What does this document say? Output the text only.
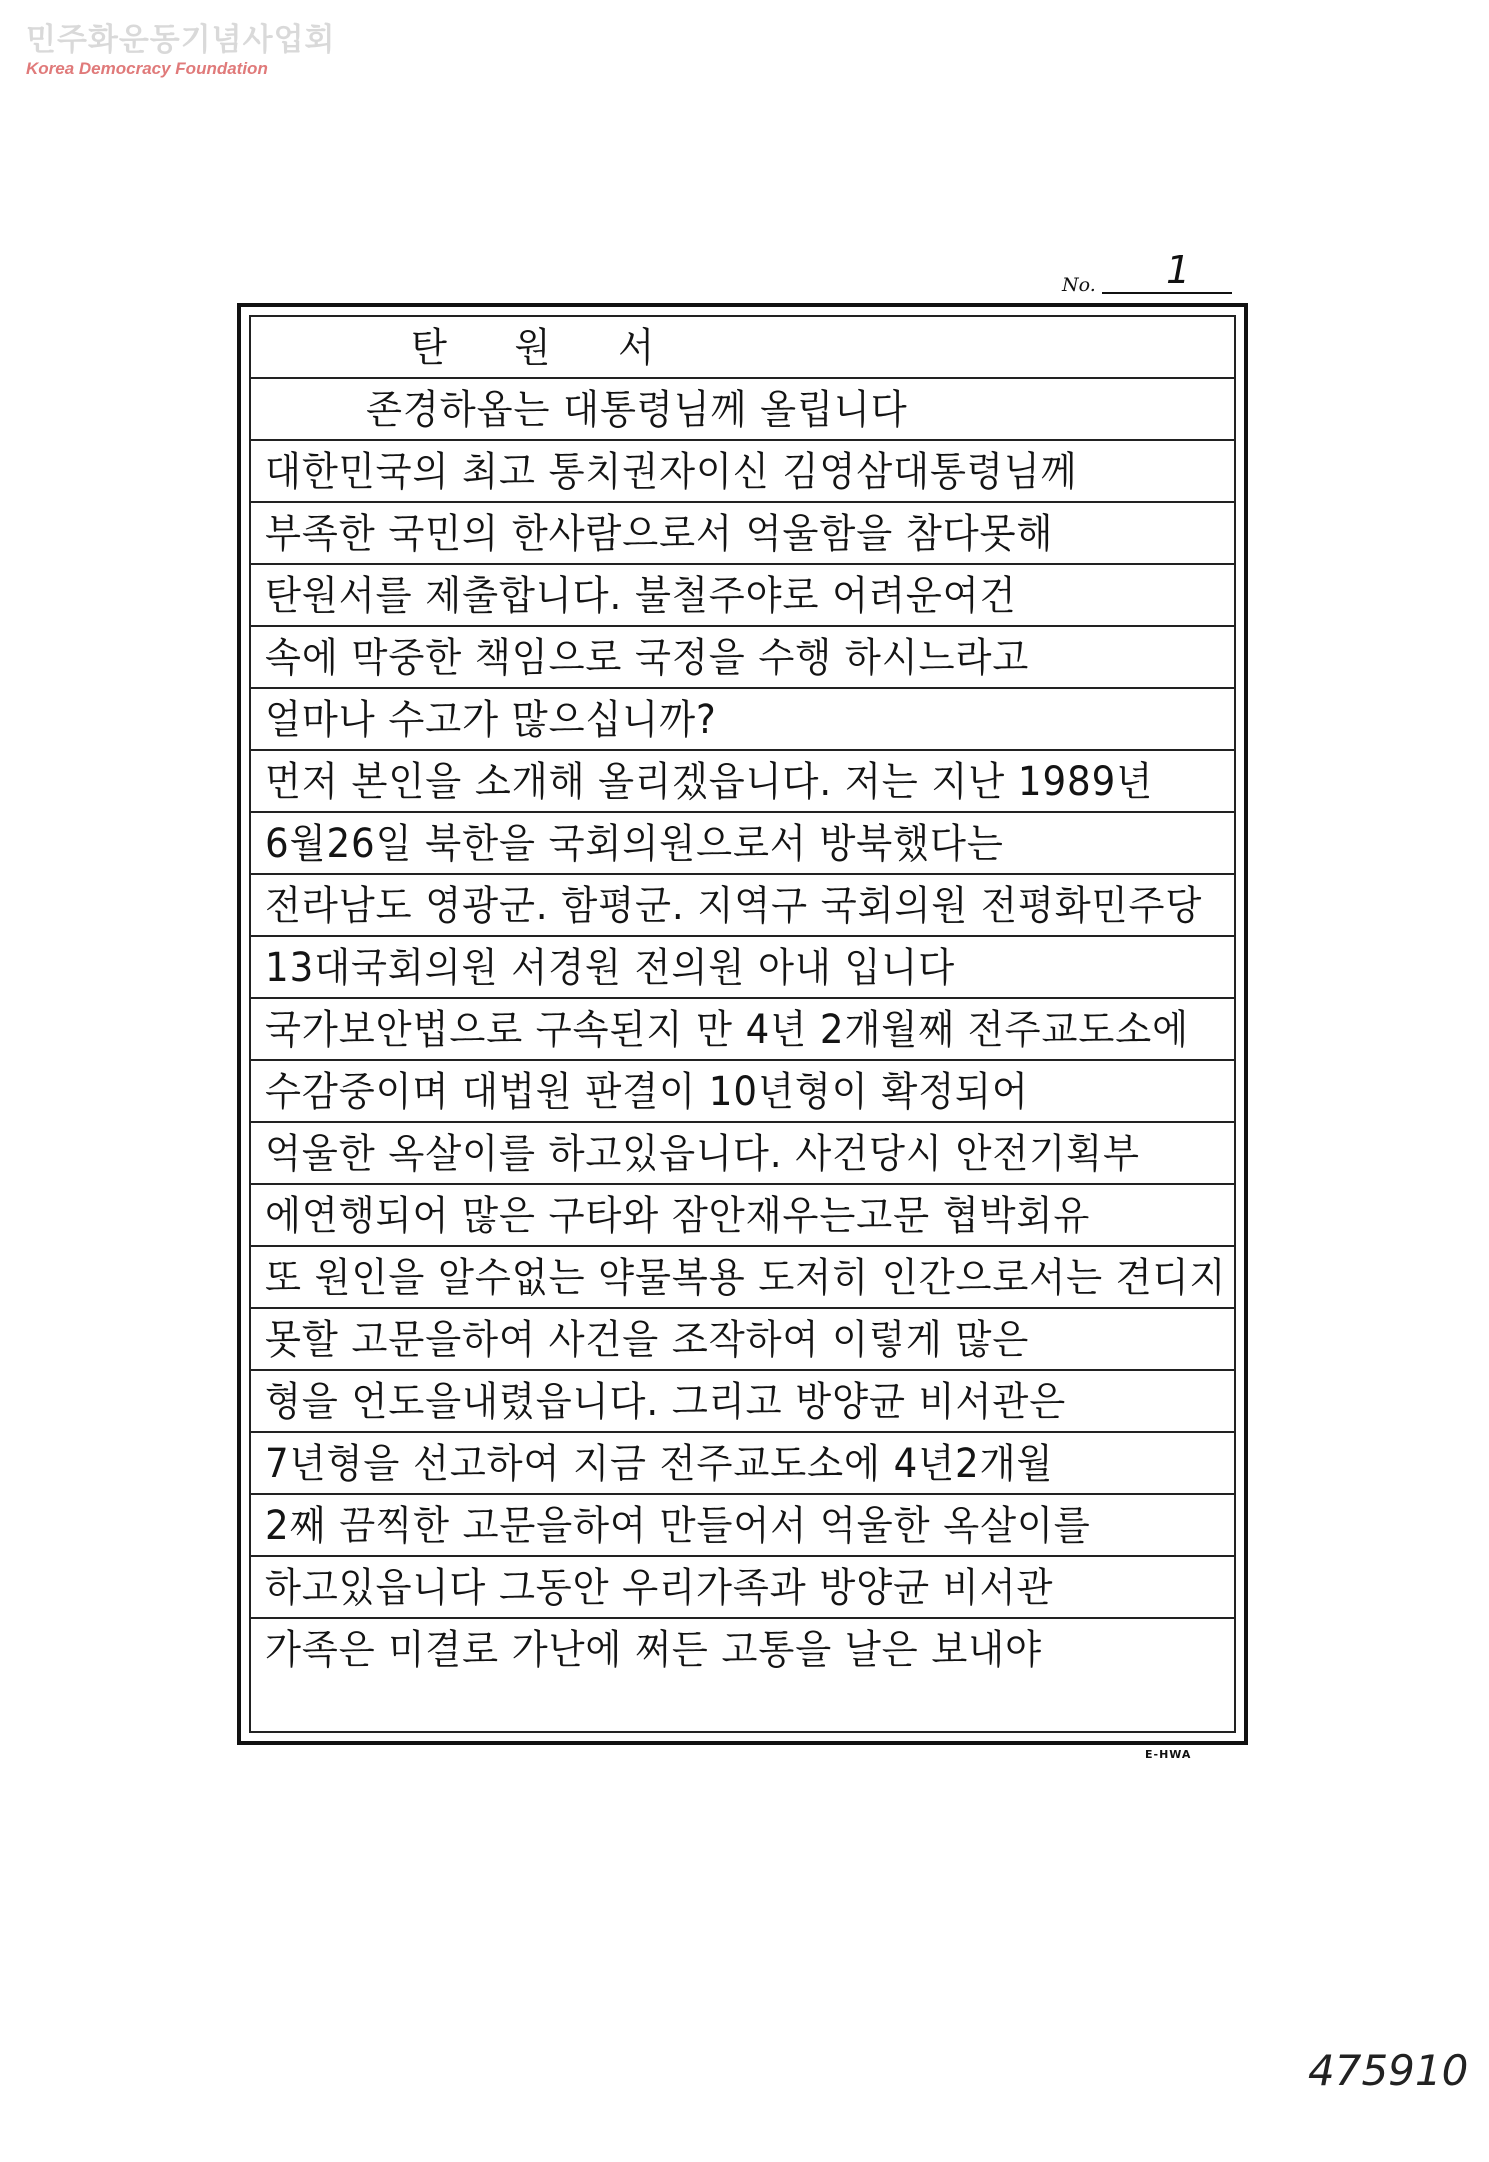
민주화운동기념사업회
Korea Democracy Foundation
No. 1
탄 원 서
존경하옵는 대통령님께 올립니다
대한민국의 최고 통치권자이신 김영삼대통령님께
부족한 국민의 한사람으로서 억울함을 참다못해
탄원서를 제출합니다. 불철주야로 어려운여건
속에 막중한 책임으로 국정을 수행 하시느라고
얼마나 수고가 많으십니까?
먼저 본인을 소개해 올리겠읍니다. 저는 지난 1989년
6월26일 북한을 국회의원으로서 방북했다는
전라남도 영광군. 함평군. 지역구 국회의원 전평화민주당
13대국회의원 서경원 전의원 아내 입니다
국가보안법으로 구속된지 만 4년 2개월째 전주교도소에
수감중이며 대법원 판결이 10년형이 확정되어
억울한 옥살이를 하고있읍니다. 사건당시 안전기획부
에연행되어 많은 구타와 잠안재우는고문 협박회유
또 원인을 알수없는 약물복용 도저히 인간으로서는 견디지
못할 고문을하여 사건을 조작하여 이렇게 많은
형을 언도을내렸읍니다. 그리고 방양균 비서관은
7년형을 선고하여 지금 전주교도소에 4년2개월
2째 끔찍한 고문을하여 만들어서 억울한 옥살이를
하고있읍니다 그동안 우리가족과 방양균 비서관
가족은 미결로 가난에 쩌든 고통을 날은 보내야
E-HWA
475910
